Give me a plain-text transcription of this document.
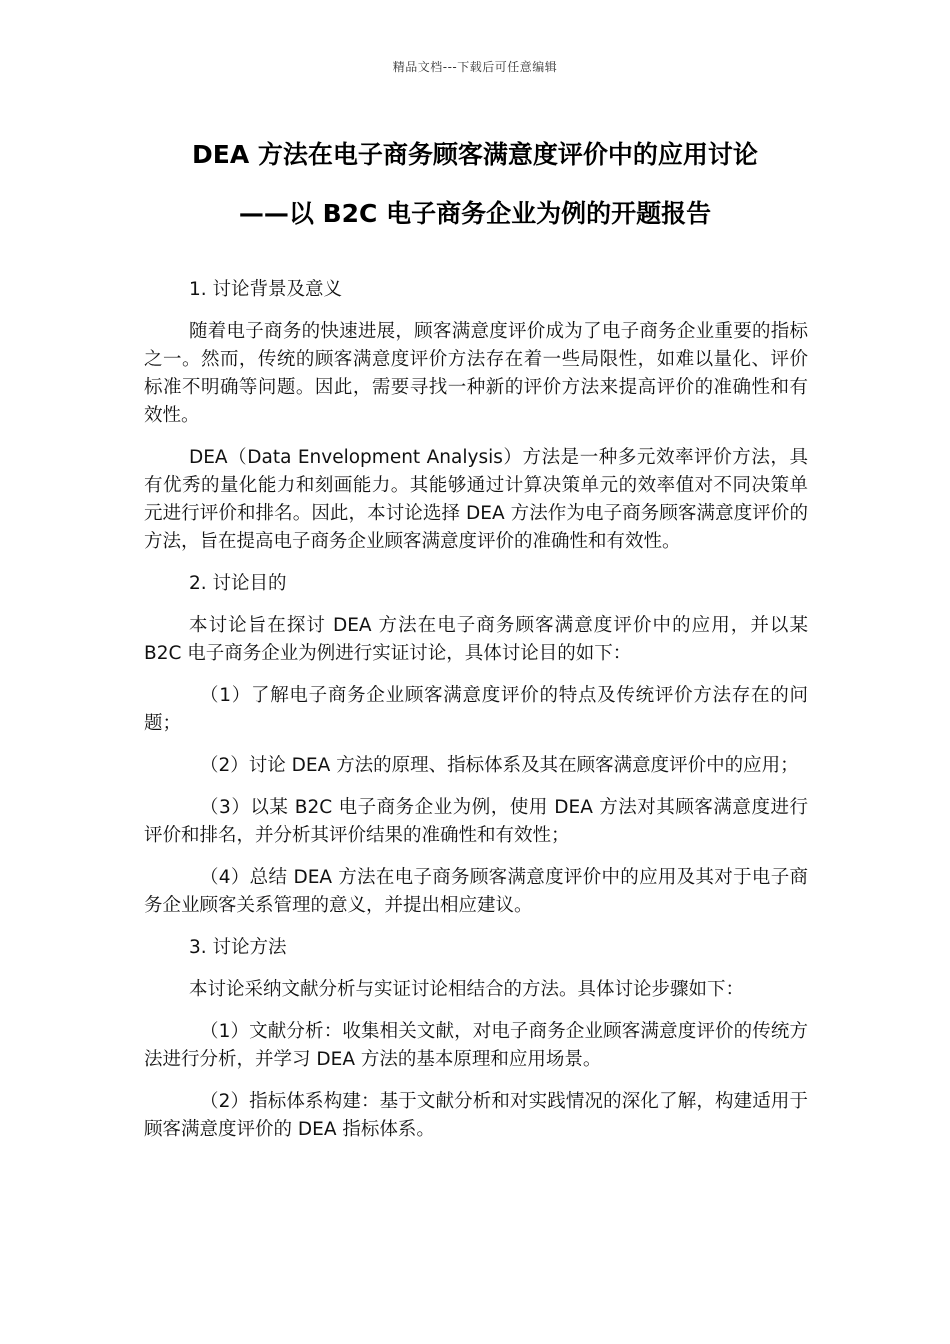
精品文档---下载后可任意编辑
DEA 方法在电子商务顾客满意度评价中的应用讨论
——以 B2C 电子商务企业为例的开题报告

1. 讨论背景及意义

随着电子商务的快速进展，顾客满意度评价成为了电子商务企业重要的指标之一。然而，传统的顾客满意度评价方法存在着一些局限性，如难以量化、评价标准不明确等问题。因此，需要寻找一种新的评价方法来提高评价的准确性和有效性。

DEA（Data Envelopment Analysis）方法是一种多元效率评价方法，具有优秀的量化能力和刻画能力。其能够通过计算决策单元的效率值对不同决策单元进行评价和排名。因此，本讨论选择 DEA 方法作为电子商务顾客满意度评价的方法，旨在提高电子商务企业顾客满意度评价的准确性和有效性。

2. 讨论目的

本讨论旨在探讨 DEA 方法在电子商务顾客满意度评价中的应用，并以某 B2C 电子商务企业为例进行实证讨论，具体讨论目的如下：

（1）了解电子商务企业顾客满意度评价的特点及传统评价方法存在的问题；

（2）讨论 DEA 方法的原理、指标体系及其在顾客满意度评价中的应用；

（3）以某 B2C 电子商务企业为例，使用 DEA 方法对其顾客满意度进行评价和排名，并分析其评价结果的准确性和有效性；

（4）总结 DEA 方法在电子商务顾客满意度评价中的应用及其对于电子商务企业顾客关系管理的意义，并提出相应建议。

3. 讨论方法

本讨论采纳文献分析与实证讨论相结合的方法。具体讨论步骤如下：

（1）文献分析：收集相关文献，对电子商务企业顾客满意度评价的传统方法进行分析，并学习 DEA 方法的基本原理和应用场景。

（2）指标体系构建：基于文献分析和对实践情况的深化了解，构建适用于顾客满意度评价的 DEA 指标体系。
